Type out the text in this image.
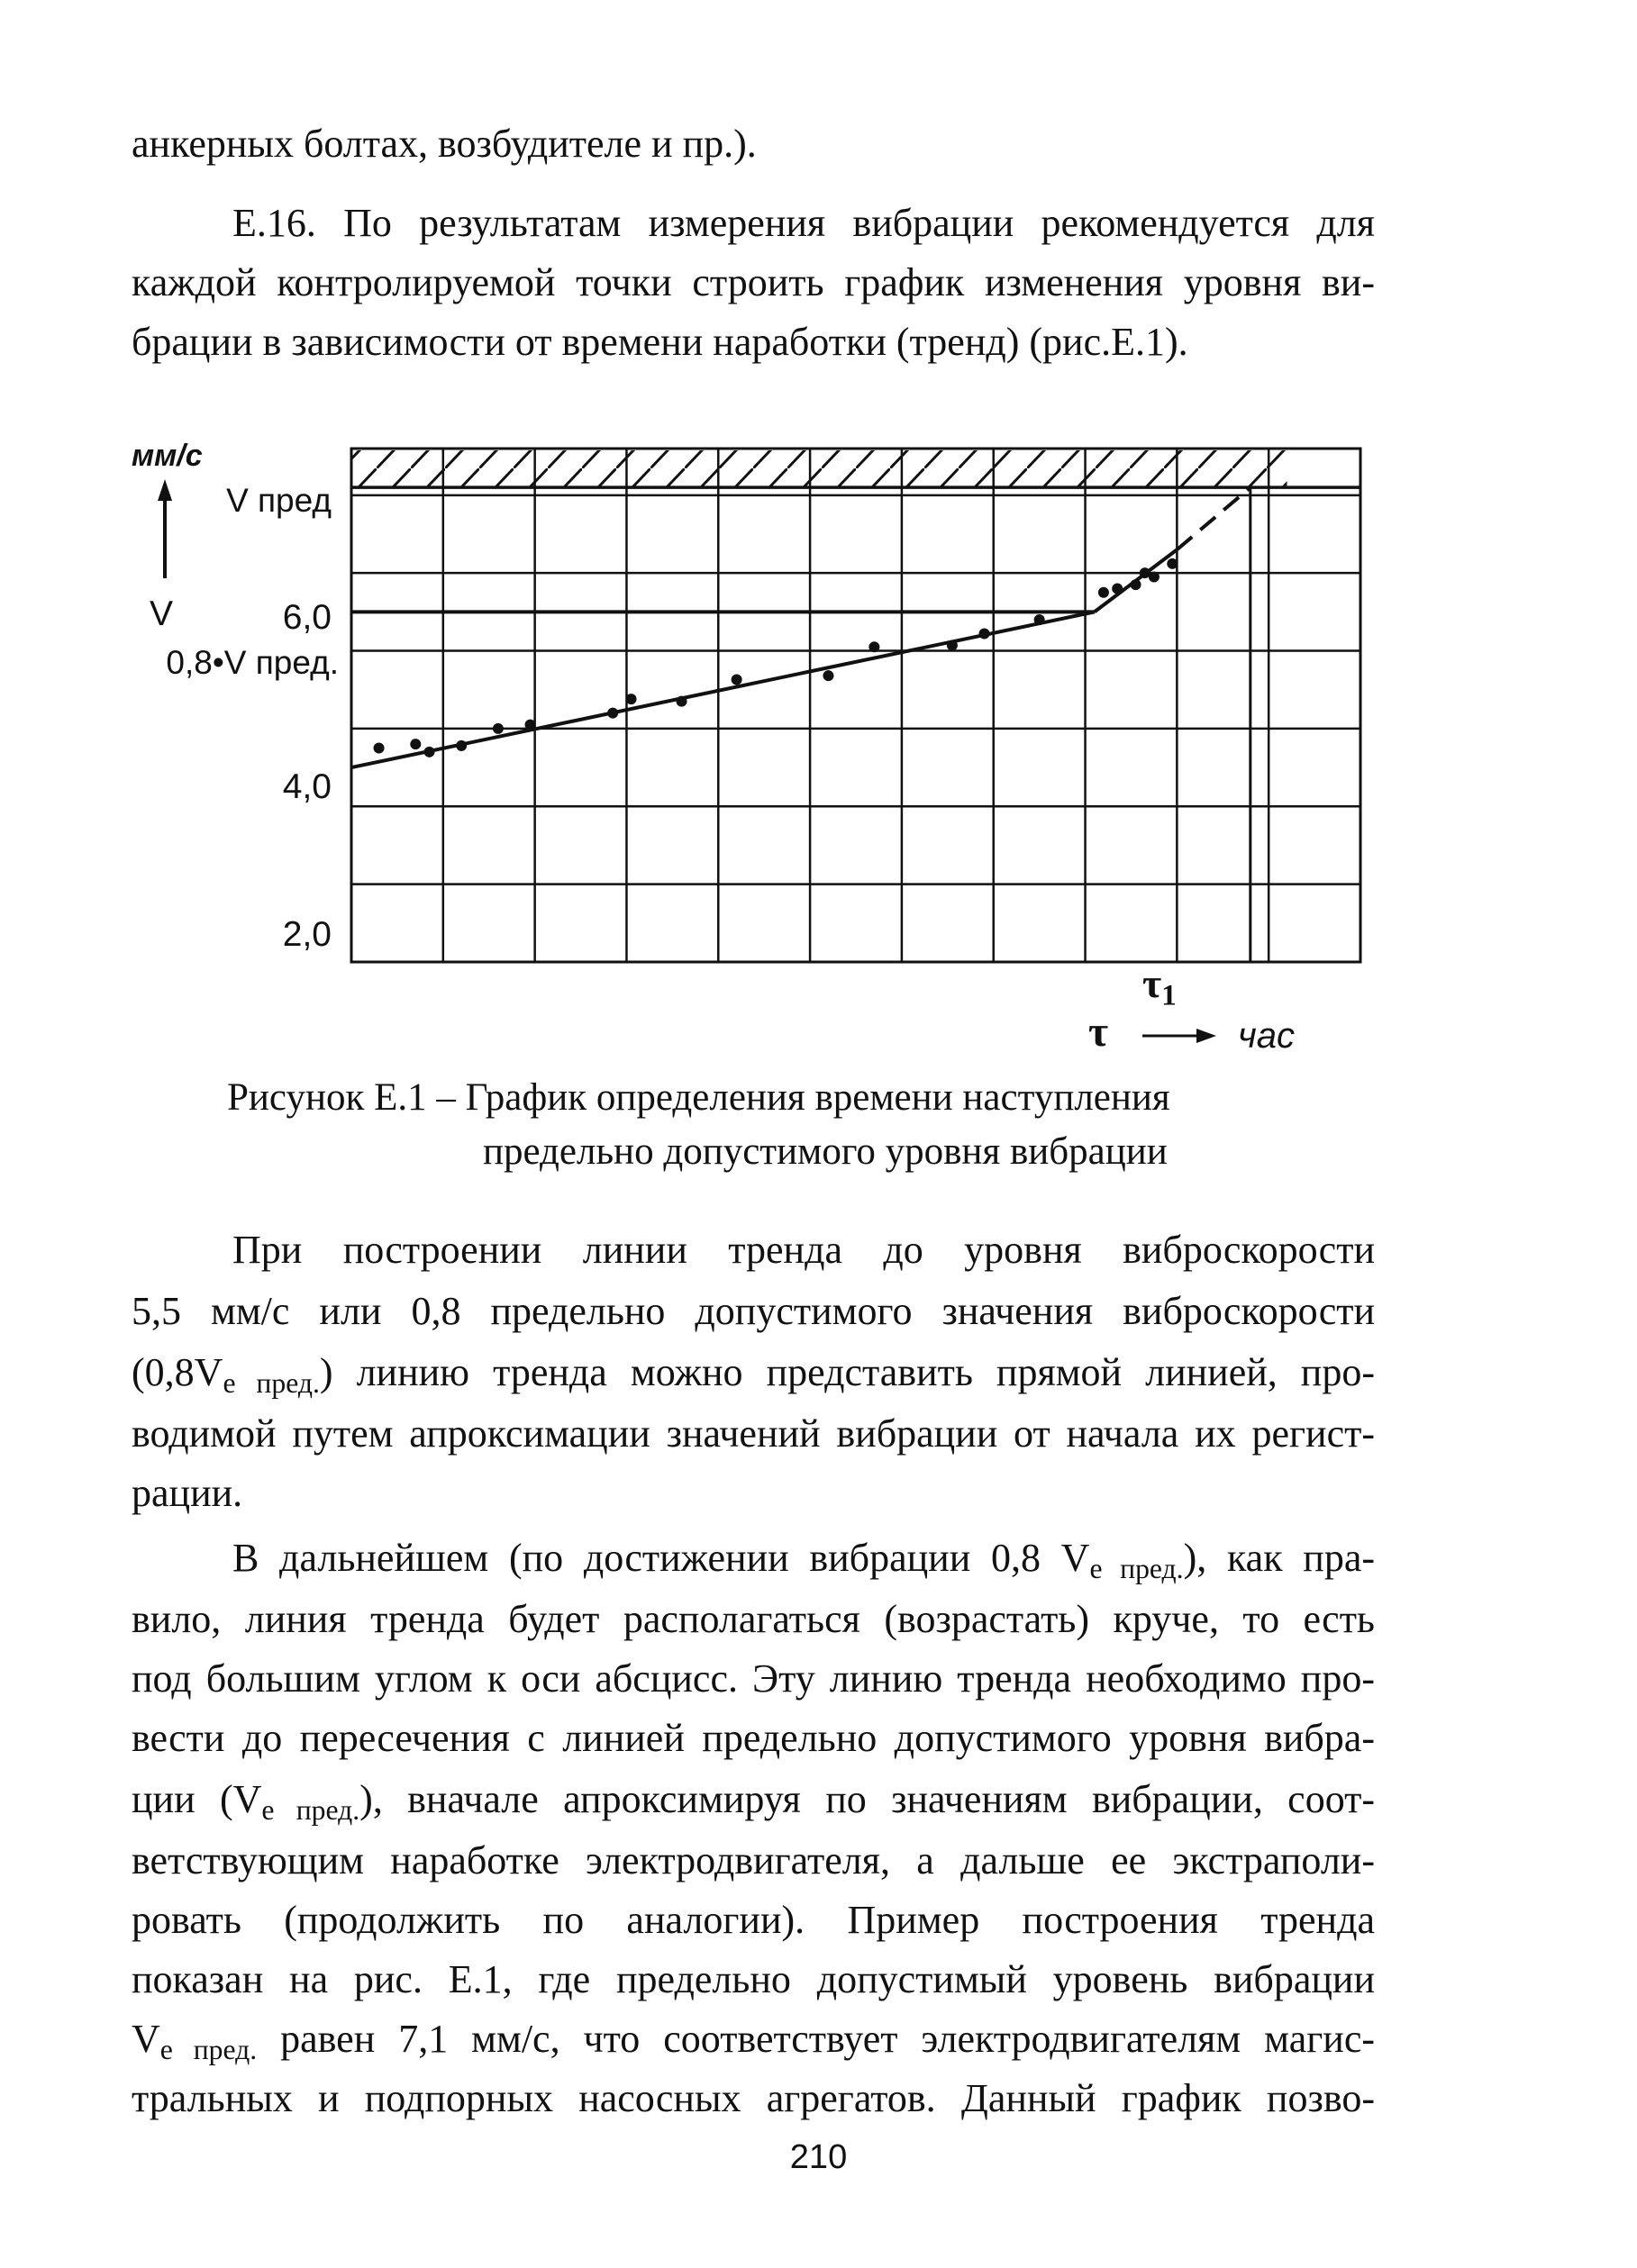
анкерных болтах, возбудителе и пр.).
Е.16. По результатам измерения вибрации рекомендуется для
каждой контролируемой точки строить график изменения уровня ви-
брации в зависимости от времени наработки (тренд) (рис.Е.1).
мм/с
V
V пред
6,0
0,8•V пред.
4,0
2,0
$\tau_1$
τ	час
Рисунок Е.1 – График определения времени наступления
предельно допустимого уровня вибрации
При построении линии тренда до уровня виброскорости
5,5 мм/с или 0,8 предельно допустимого значения виброскорости
$(0,8V_{е пред.})$ линию тренда можно представить прямой линией, про-
водимой путем апроксимации значений вибрации от начала их регист-
рации.
В дальнейшем (по достижении вибрации 0,8 $V_{е пред.}$), как пра-
вило, линия тренда будет располагаться (возрастать) круче, то есть
под большим углом к оси абсцисс. Эту линию тренда необходимо про-
вести до пересечения с линией предельно допустимого уровня вибра-
ции $(V_{е пред.})$, вначале апроксимируя по значениям вибрации, соот-
ветствующим наработке электродвигателя, а дальше ее экстраполи-
ровать (продолжить по аналогии). Пример построения тренда
показан на рис. Е.1, где предельно допустимый уровень вибрации
$V_{е пред.}$ равен 7,1 мм/с, что соответствует электродвигателям магис-
тральных и подпорных насосных агрегатов. Данный график позво-
210
